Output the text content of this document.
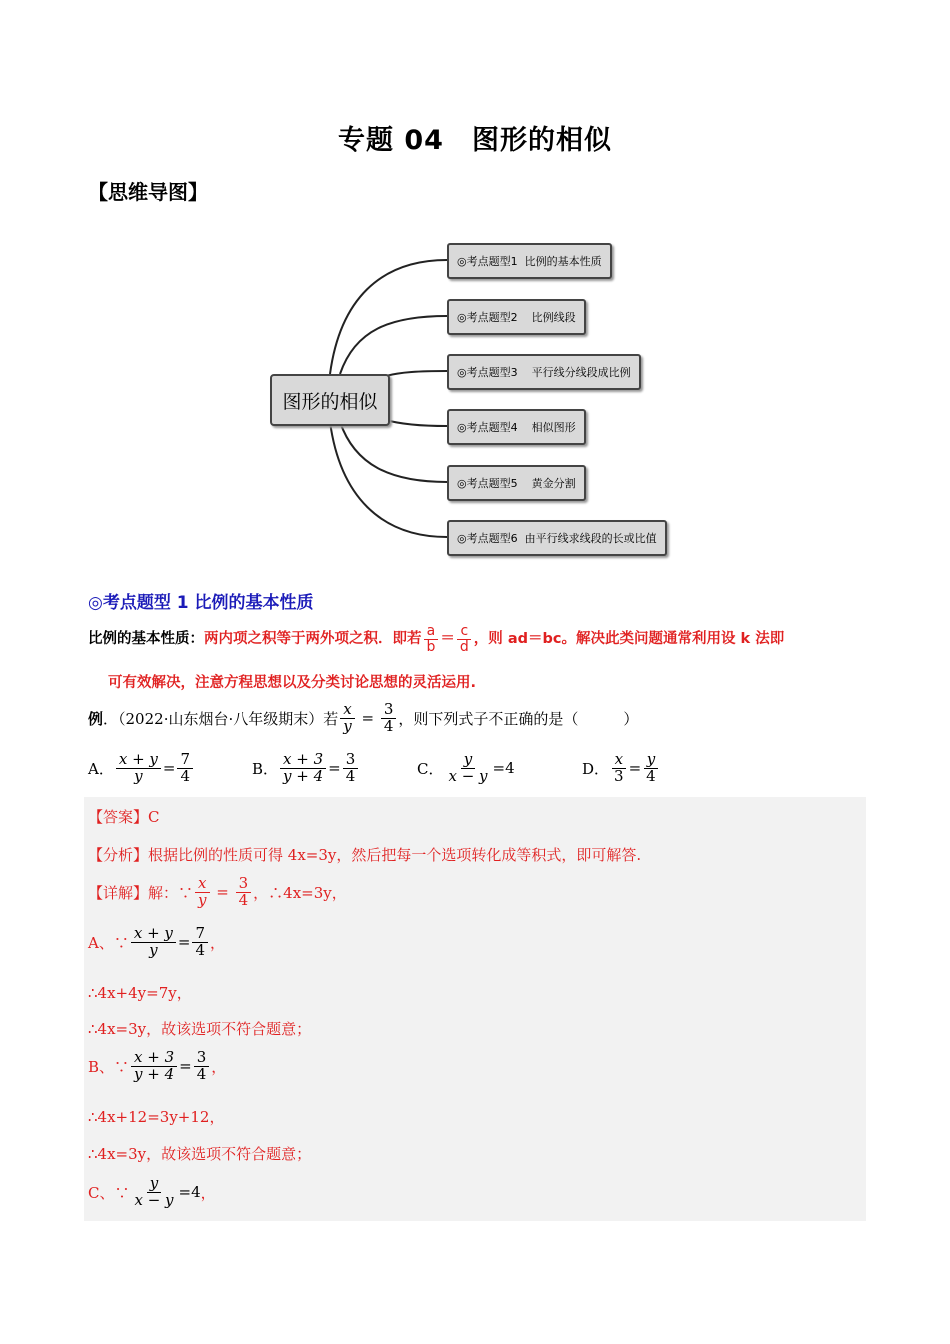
专题 04　图形的相似
【思维导图】
图形的相似
◎考点题型1  比例的基本性质
◎考点题型2    比例线段
◎考点题型3    平行线分线段成比例
◎考点题型4    相似图形
◎考点题型5    黄金分割
◎考点题型6  由平行线求线段的长或比值
◎考点题型 1 比例的基本性质
比例的基本性质： 两内项之积等于两外项之积．即若 $\frac{a}{b} = \frac{c}{d}$ ，则 ad＝bc。解决此类问题通常利用设 k 法即
可有效解决，注意方程思想以及分类讨论思想的灵活运用.
例 ．（2022·山东烟台·八年级期末）若 $\frac{x}{y} = \frac{3}{4}$ ，则下列式子不正确的是（　　　）
A． $\frac{x + y}{y} = \frac{7}{4}$	B． $\frac{x + 3}{y + 4} = \frac{3}{4}$	C． $\frac{y}{x - y} = 4$	D． $\frac{x}{3} = \frac{y}{4}$
【答案】C
【分析】 根据比例的性质可得 4x=3y，然后把每一个选项转化成等积式，即可解答.
【详解】 解：∵ $\frac{x}{y} = \frac{3}{4}$ ，∴4x=3y，
A、∵ $\frac{x + y}{y} = \frac{7}{4}$ ，
∴4x+4y=7y，
∴4x=3y，故该选项不符合题意；
B、∵ $\frac{x + 3}{y + 4} = \frac{3}{4}$ ，
∴4x+12=3y+12，
∴4x=3y，故该选项不符合题意；
C、∵ $\frac{y}{x - y} = 4$ ，
